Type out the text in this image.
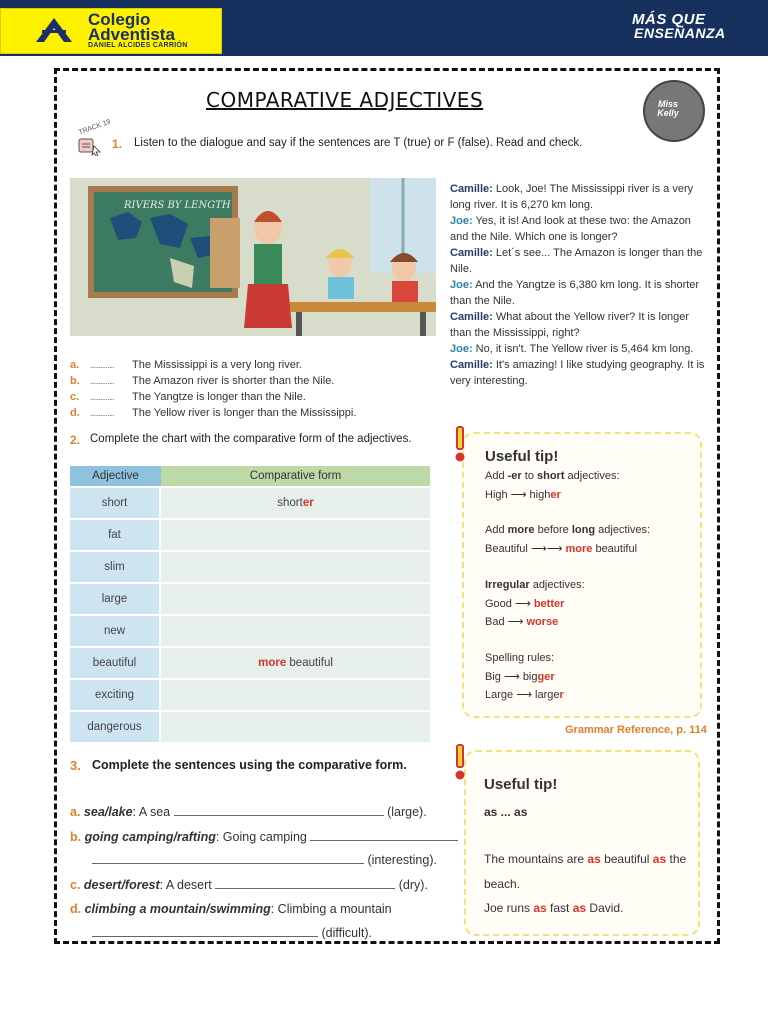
Colegio
Adventista
DANIEL ALCIDES CARRIÓN
MÁS QUE
ENSEÑANZA
COMPARATIVE ADJECTIVES	Miss Kelly
TRACK 19
1. Listen to the dialogue and say if the sentences are T (true) or F (false). Read and check.
RIVERS BY LENGTH
Camille: Look, Joe! The Mississippi river is a very long river. It is 6,270 km long.
Joe: Yes, it is! And look at these two: the Amazon and the Nile. Which one is longer?
Camille: Let´s see... The Amazon is longer than the Nile.
Joe: And the Yangtze is 6,380 km long. It is shorter than the Nile.
Camille: What about the Yellow river? It is longer than the Mississippi, right?
Joe: No, it isn't. The Yellow river is 5,464 km long.
Camille: It's amazing! I like studying geography. It is very interesting.
a. .............. The Mississippi is a very long river.
b. .............. The Amazon river is shorter than the Nile.
c. .............. The Yangtze is longer than the Nile.
d. .............. The Yellow river is longer than the Mississippi.
2. Complete the chart with the comparative form of the adjectives.
Adjective	Comparative form
short	shorter
fat	
slim	
large	
new	
beautiful	more beautiful
exciting	
dangerous	
Useful tip!
Add -er to short adjectives:
High ⟶ higher
Add more before long adjectives:
Beautiful ⟶⟶ more beautiful
Irregular adjectives:
Good ⟶ better
Bad ⟶ worse
Spelling rules:
Big ⟶ bigger
Large ⟶ larger
Grammar Reference, p. 114
Useful tip!
as ... as
The mountains are as beautiful as the
beach.
Joe runs as fast as David.
3. Complete the sentences using the comparative form.
a. sea/lake: A sea	(large).
b. going camping/rafting: Going camping
(interesting).
c. desert/forest: A desert	(dry).
d. climbing a mountain/swimming: Climbing a mountain
(difficult).
